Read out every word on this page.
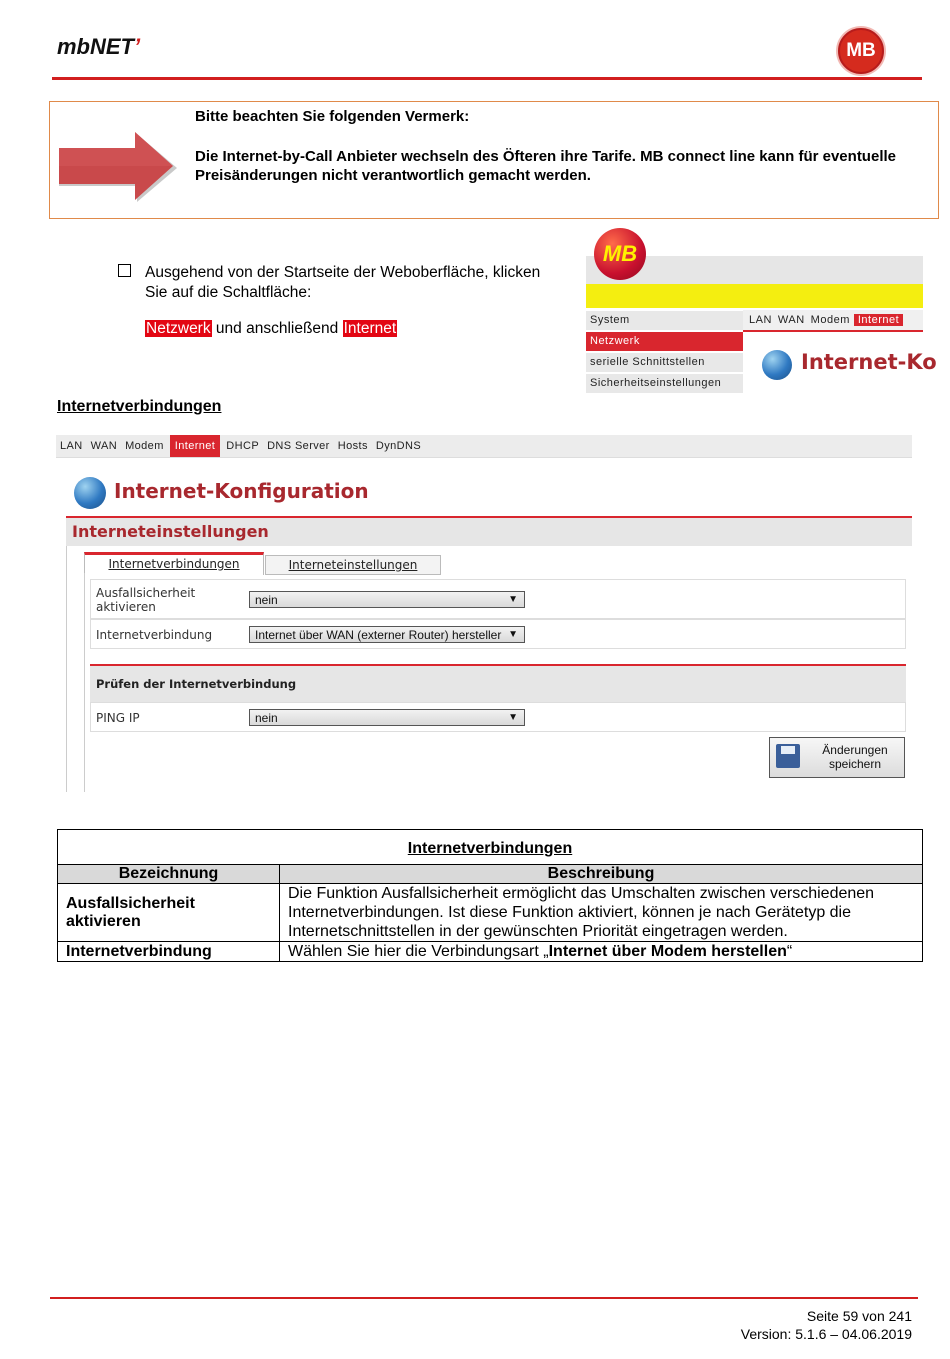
mbNET’	MB
Bitte beachten Sie folgenden Vermerk:
Die Internet-by-Call Anbieter wechseln des Öfteren ihre Tarife. MB connect line kann für eventuelle Preisänderungen nicht verantwortlich gemacht werden.
Ausgehend von der Startseite der Weboberfläche, klicken Sie auf die Schaltfläche:
Netzwerk und anschließend Internet
MB
System
Netzwerk
serielle Schnittstellen
Sicherheitseinstellungen
LAN WAN Modem Internet
Internet-Ko
Internetverbindungen
LAN WAN Modem Internet DHCP DNS Server Hosts DynDNS
Internet-Konfiguration
Interneteinstellungen
Internetverbindungen	Interneteinstellungen
Ausfallsicherheit aktivieren	nein	▼
Internetverbindung	Internet über WAN (externer Router) hersteller ▼
Prüfen der Internetverbindung
PING IP	nein	▼
Änderungen speichern
Internetverbindungen	
Bezeichnung	Beschreibung
Ausfallsicherheit aktivieren	Die Funktion Ausfallsicherheit ermöglicht das Umschalten zwischen verschiedenen Internetverbindungen. Ist diese Funktion aktiviert, können je nach Gerätetyp die Internetschnittstellen in der gewünschten Priorität eingetragen werden.
Internetverbindung	Wählen Sie hier die Verbindungsart „Internet über Modem herstellen“
Seite 59 von 241
Version: 5.1.6 – 04.06.2019
